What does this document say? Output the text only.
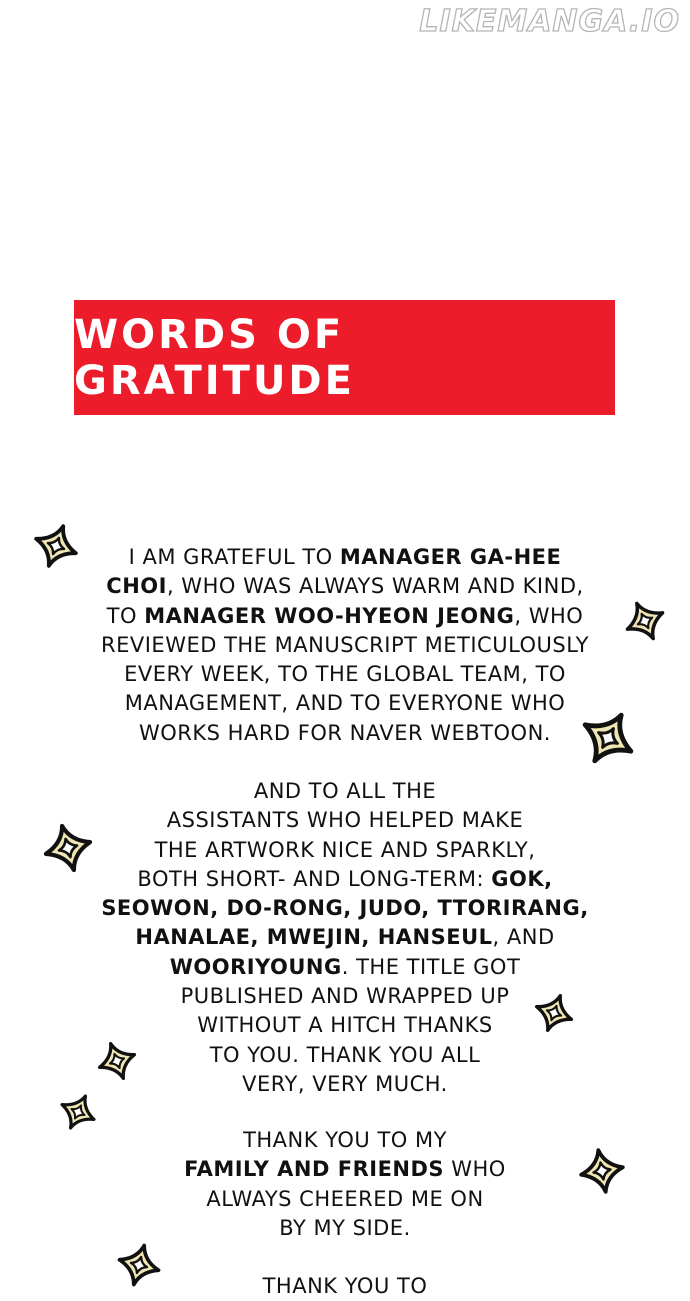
LIKEMANGA.IO
WORDS OF GRATITUDE
I AM GRATEFUL TO MANAGER GA-HEE
CHOI, WHO WAS ALWAYS WARM AND KIND,
TO MANAGER WOO-HYEON JEONG, WHO
REVIEWED THE MANUSCRIPT METICULOUSLY
EVERY WEEK, TO THE GLOBAL TEAM, TO
MANAGEMENT, AND TO EVERYONE WHO
WORKS HARD FOR NAVER WEBTOON.
AND TO ALL THE
ASSISTANTS WHO HELPED MAKE
THE ARTWORK NICE AND SPARKLY,
BOTH SHORT- AND LONG-TERM: GOK,
SEOWON, DO-RONG, JUDO, TTORIRANG,
HANALAE, MWEJIN, HANSEUL, AND
WOORIYOUNG. THE TITLE GOT
PUBLISHED AND WRAPPED UP
WITHOUT A HITCH THANKS
TO YOU. THANK YOU ALL
VERY, VERY MUCH.
THANK YOU TO MY
FAMILY AND FRIENDS WHO
ALWAYS CHEERED ME ON
BY MY SIDE.
THANK YOU TO
